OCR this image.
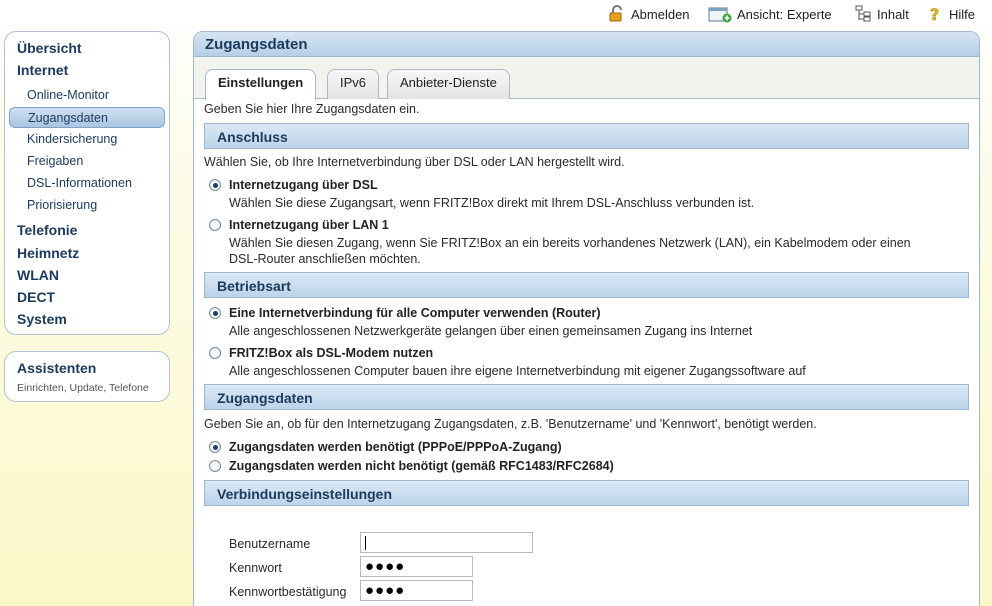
Abmelden	Ansicht: Experte	Inhalt ? Hilfe
Übersicht
Internet
Online-Monitor
Zugangsdaten
Kindersicherung
Freigaben
DSL-Informationen
Priorisierung
Telefonie
Heimnetz
WLAN
DECT
System
Assistenten
Einrichten, Update, Telefone
Zugangsdaten
Einstellungen	IPv6	Anbieter-Dienste
Geben Sie hier Ihre Zugangsdaten ein.
Anschluss
Wählen Sie, ob Ihre Internetverbindung über DSL oder LAN hergestellt wird.
Internetzugang über DSL
Wählen Sie diese Zugangsart, wenn FRITZ!Box direkt mit Ihrem DSL-Anschluss verbunden ist.
Internetzugang über LAN 1
Wählen Sie diesen Zugang, wenn Sie FRITZ!Box an ein bereits vorhandenes Netzwerk (LAN), ein Kabelmodem oder einen DSL-Router anschließen möchten.
Betriebsart
Eine Internetverbindung für alle Computer verwenden (Router)
Alle angeschlossenen Netzwerkgeräte gelangen über einen gemeinsamen Zugang ins Internet
FRITZ!Box als DSL-Modem nutzen
Alle angeschlossenen Computer bauen ihre eigene Internetverbindung mit eigener Zugangssoftware auf
Zugangsdaten
Geben Sie an, ob für den Internetzugang Zugangsdaten, z.B. 'Benutzername' und 'Kennwort', benötigt werden.
Zugangsdaten werden benötigt (PPPoE/PPPoA-Zugang)
Zugangsdaten werden nicht benötigt (gemäß RFC1483/RFC2684)
Verbindungseinstellungen
Benutzername
Kennwort	●●●●
Kennwortbestätigung ●●●●
